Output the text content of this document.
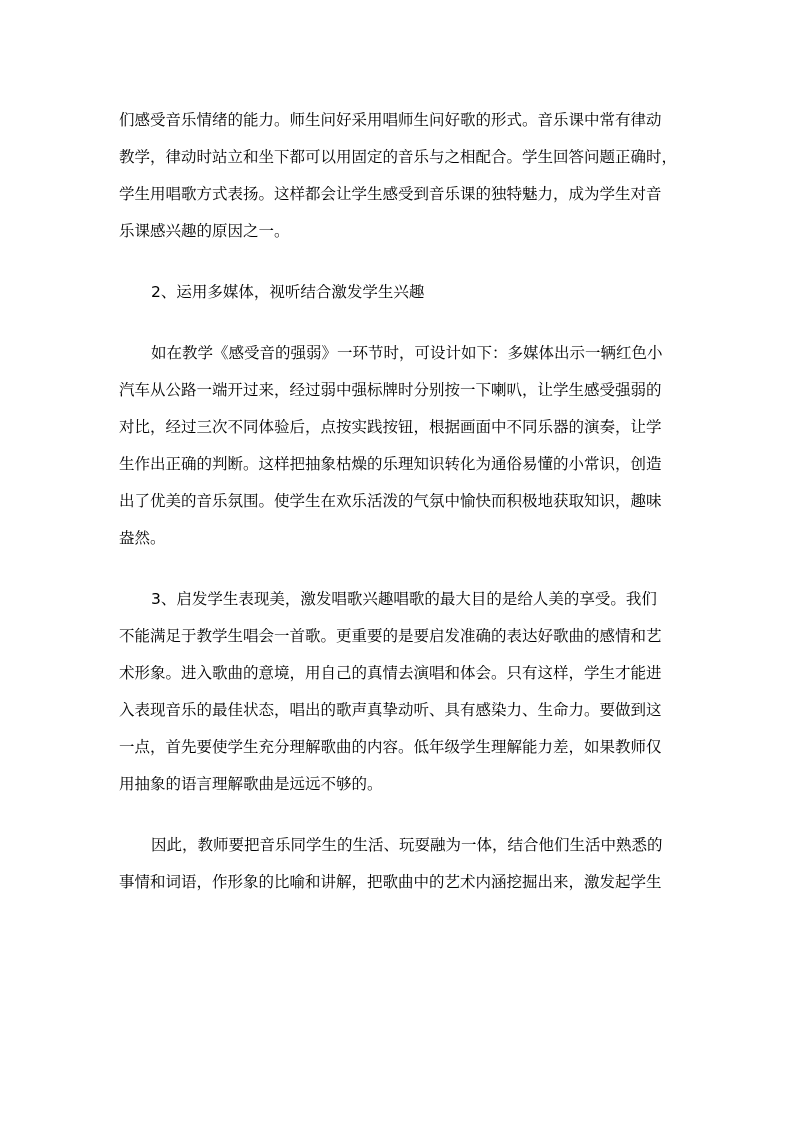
们感受音乐情绪的能力。师生问好采用唱师生问好歌的形式。音乐课中常有律动
教学，律动时站立和坐下都可以用固定的音乐与之相配合。学生回答问题正确时，
学生用唱歌方式表扬。这样都会让学生感受到音乐课的独特魅力，成为学生对音
乐课感兴趣的原因之一。

2、运用多媒体，视听结合激发学生兴趣

如在教学《感受音的强弱》一环节时，可设计如下：多媒体出示一辆红色小
汽车从公路一端开过来，经过弱中强标牌时分别按一下喇叭，让学生感受强弱的
对比，经过三次不同体验后，点按实践按钮，根据画面中不同乐器的演奏，让学
生作出正确的判断。这样把抽象枯燥的乐理知识转化为通俗易懂的小常识，创造
出了优美的音乐氛围。使学生在欢乐活泼的气氛中愉快而积极地获取知识，趣味
盎然。

3、启发学生表现美，激发唱歌兴趣唱歌的最大目的是给人美的享受。我们
不能满足于教学生唱会一首歌。更重要的是要启发准确的表达好歌曲的感情和艺
术形象。进入歌曲的意境，用自己的真情去演唱和体会。只有这样，学生才能进
入表现音乐的最佳状态，唱出的歌声真挚动听、具有感染力、生命力。要做到这
一点，首先要使学生充分理解歌曲的内容。低年级学生理解能力差，如果教师仅
用抽象的语言理解歌曲是远远不够的。

因此，教师要把音乐同学生的生活、玩耍融为一体，结合他们生活中熟悉的
事情和词语，作形象的比喻和讲解，把歌曲中的艺术内涵挖掘出来，激发起学生
